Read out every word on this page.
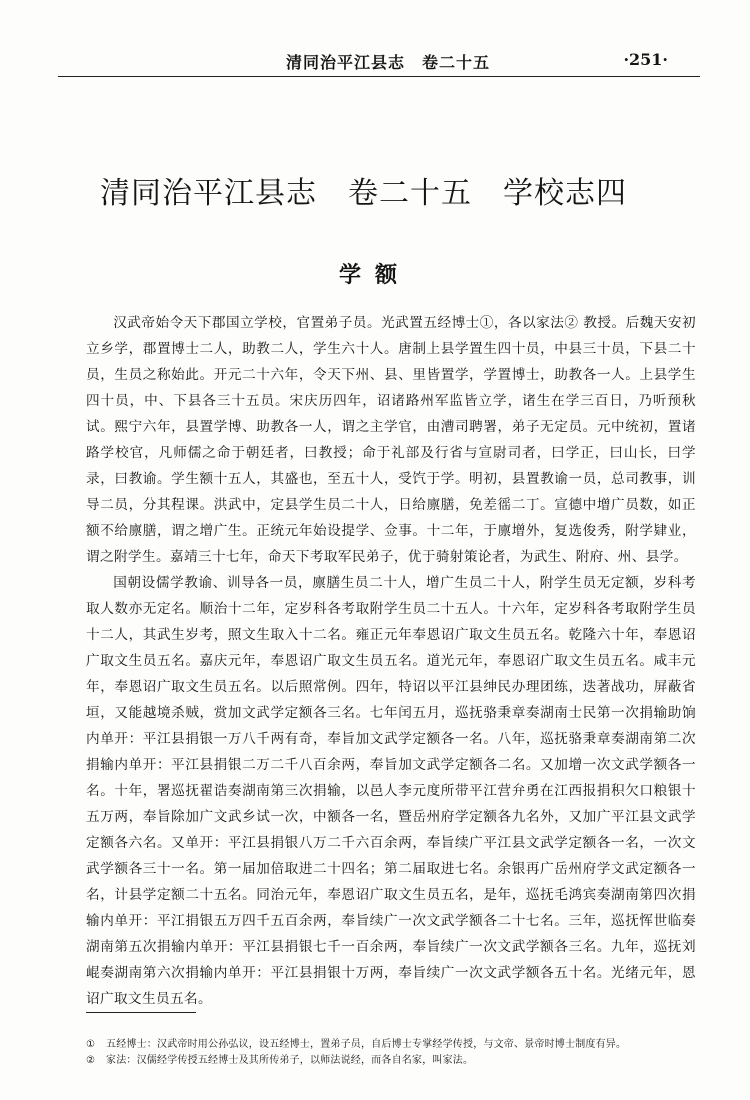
清同治平江县志　卷二十五	·251·
清同治平江县志　卷二十五　学校志四
学额

汉武帝始令天下郡国立学校，官置弟子员。光武置五经博士①，各以家法② 教授。后魏天安初立乡学，郡置博士二人，助教二人，学生六十人。唐制上县学置生四十员，中县三十员，下县二十员，生员之称始此。开元二十六年，令天下州、县、里皆置学，学置博士，助教各一人。上县学生四十员，中、下县各三十五员。宋庆历四年，诏诸路州军监皆立学，诸生在学三百日，乃听预秋试。熙宁六年，县置学博、助教各一人，谓之主学官，由漕司聘署，弟子无定员。元中统初，置诸路学校官，凡师儒之命于朝廷者，曰教授；命于礼部及行省与宣尉司者，曰学正，曰山长，曰学录，曰教谕。学生额十五人，其盛也，至五十人，受饩于学。明初，县置教谕一员，总司教事，训导二员，分其程课。洪武中，定县学生员二十人，日给廪膳，免差徭二丁。宣德中增广员数，如正额不给廪膳，谓之增广生。正统元年始设提学、佥事。十二年，于廪增外，复选俊秀，附学肄业，谓之附学生。嘉靖三十七年，命天下考取军民弟子，优于骑射策论者，为武生、附府、州、县学。

国朝设儒学教谕、训导各一员，廪膳生员二十人，增广生员二十人，附学生员无定额，岁科考取人数亦无定名。顺治十二年，定岁科各考取附学生员二十五人。十六年，定岁科各考取附学生员十二人，其武生岁考，照文生取入十二名。雍正元年奉恩诏广取文生员五名。乾隆六十年，奉恩诏广取文生员五名。嘉庆元年，奉恩诏广取文生员五名。道光元年，奉恩诏广取文生员五名。咸丰元年，奉恩诏广取文生员五名。以后照常例。四年，特诏以平江县绅民办理团练，迭著战功，屏蔽省垣，又能越境杀贼，赏加文武学定额各三名。七年闰五月，巡抚骆秉章奏湖南士民第一次捐输助饷内单开：平江县捐银一万八千两有奇，奉旨加文武学定额各一名。八年，巡抚骆秉章奏湖南第二次捐输内单开：平江县捐银二万二千八百余两，奉旨加文武学定额各二名。又加增一次文武学额各一名。十年，署巡抚翟诰奏湖南第三次捐输，以邑人李元度所带平江营弁勇在江西报捐积欠口粮银十五万两，奉旨除加广文武乡试一次，中额各一名，暨岳州府学定额各九名外，又加广平江县文武学定额各六名。又单开：平江县捐银八万二千六百余两，奉旨续广平江县文武学定额各一名，一次文武学额各三十一名。第一届加倍取进二十四名；第二届取进七名。余银再广岳州府学文武定额各一名，计县学定额二十五名。同治元年，奉恩诏广取文生员五名，是年，巡抚毛鸿宾奏湖南第四次捐输内单开：平江捐银五万四千五百余两，奉旨续广一次文武学额各二十七名。三年，巡抚恽世临奏湖南第五次捐输内单开：平江县捐银七千一百余两，奉旨续广一次文武学额各三名。九年，巡抚刘崐奏湖南第六次捐输内单开：平江县捐银十万两，奉旨续广一次文武学额各五十名。光绪元年，恩诏广取文生员五名。

① 五经博士：汉武帝时用公孙弘议，设五经博士，置弟子员，自后博士专掌经学传授，与文帝、景帝时博士制度有异。
② 家法：汉儒经学传授五经博士及其所传弟子，以师法说经，而各自名家，叫家法。
